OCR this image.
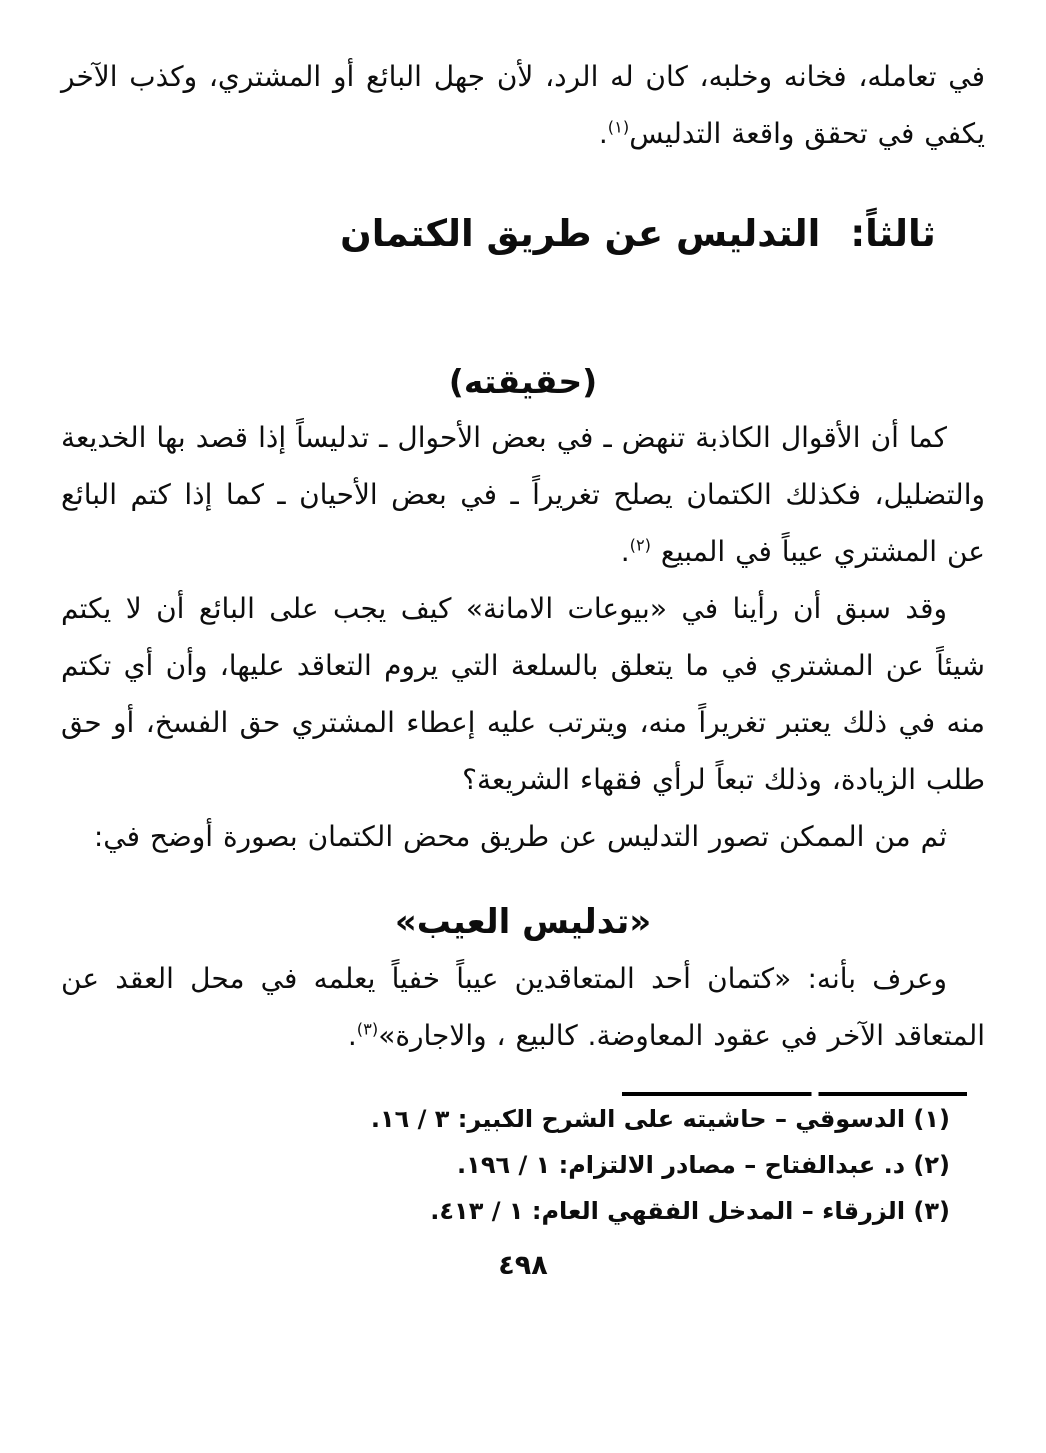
في تعامله، فخانه وخلبه، كان له الرد، لأن جهل البائع أو المشتري، وكذب الآخر يكفي في تحقق واقعة التدليس$^{(١)}$.

ثالثاً:التدليس عن طريق الكتمان
(حقيقته)

كما أن الأقوال الكاذبة تنهض ـ في بعض الأحوال ـ تدليساً إذا قصد بها الخديعة والتضليل، فكذلك الكتمان يصلح تغريراً ـ في بعض الأحيان ـ كما إذا كتم البائع عن المشتري عيباً في المبيع $^{(٢)}$.

وقد سبق أن رأينا في «بيوعات الامانة» كيف يجب على البائع أن لا يكتم شيئاً عن المشتري في ما يتعلق بالسلعة التي يروم التعاقد عليها، وأن أي تكتم منه في ذلك يعتبر تغريراً منه، ويترتب عليه إعطاء المشتري حق الفسخ، أو حق طلب الزيادة، وذلك تبعاً لرأي فقهاء الشريعة؟

ثم من الممكن تصور التدليس عن طريق محض الكتمان بصورة أوضح في:

«تدليس العيب»

وعرف بأنه: «كتمان أحد المتعاقدين عيباً خفياً يعلمه في محل العقد عن المتعاقد الآخر في عقود المعاوضة. كالبيع ، والاجارة»$^{(٣)}$.

(١) الدسوقي – حاشيته على الشرح الكبير: ٣ / ١٦.

(٢) د. عبدالفتاح – مصادر الالتزام: ١ / ١٩٦.

(٣) الزرقاء – المدخل الفقهي العام: ١ / ٤١٣.

٤٩٨
